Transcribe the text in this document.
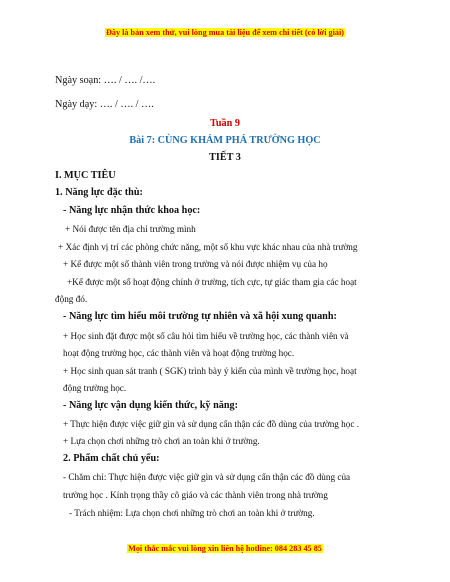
Đây là bản xem thử, vui lòng mua tài liệu để xem chi tiết (có lời giải)
Ngày soạn: …. / …. /….
Ngày dạy: …. / …. / ….
Tuần 9
Bài 7: CÙNG KHÁM PHÁ TRƯỜNG HỌC
TIẾT 3
I. MỤC TIÊU
1. Năng lực đặc thù:
- Năng lực nhận thức khoa học:
+ Nói được tên địa chỉ trường mình
+ Xác định vị trí các phòng chức năng, một số khu vực khác nhau của nhà trường
+ Kể được một số thành viên trong trường và nói được nhiệm vụ của họ
+Kể được một số hoạt động chính ở trường, tích cực, tự giác tham gia các hoạt
động đó.
- Năng lực tìm hiểu môi trường tự nhiên và xã hội xung quanh:
+ Học sinh đặt được một số câu hỏi tìm hiểu về trường học, các thành viên và
hoạt động trường học, các thành viên và hoạt động trường học.
+ Học sinh quan sát tranh ( SGK) trình bày ý kiến của mình về trường học, hoạt
động trường học.
- Năng lực vận dụng kiến thức, kỹ năng:
+ Thực hiện được việc giữ gìn và sử dụng cẩn thận các đồ dùng của trường học .
+ Lựa chọn chơi những trò chơi an toàn khi ở trường.
2. Phẩm chất chủ yếu:
- Chăm chỉ: Thực hiện được việc giữ gìn và sử dụng cẩn thận các đồ dùng của
trường học . Kính trọng thầy cô giáo và các thành viên trong nhà trường
- Trách nhiệm: Lựa chọn chơi những trò chơi an toàn khi ở trường.
Mọi thắc mắc vui lòng xin liên hệ hotline: 084 283 45 85
